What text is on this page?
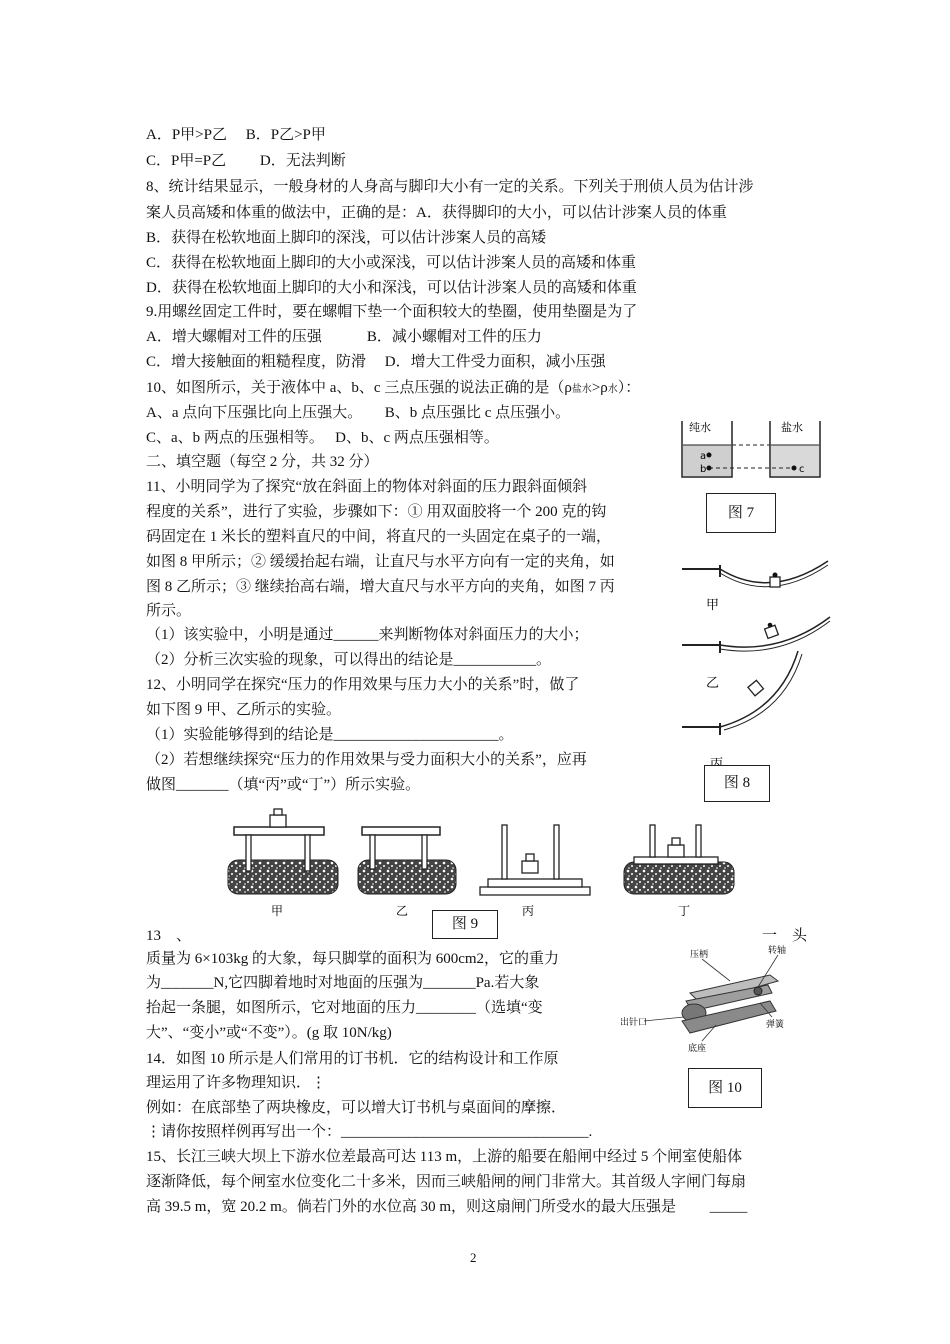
A．P甲>P乙　 B．P乙>P甲
C．P甲=P乙　　 D．无法判断
8、统计结果显示，一般身材的人身高与脚印大小有一定的关系。下列关于刑侦人员为估计涉
案人员高矮和体重的做法中，正确的是：A．获得脚印的大小，可以估计涉案人员的体重
B．获得在松软地面上脚印的深浅，可以估计涉案人员的高矮
C．获得在松软地面上脚印的大小或深浅，可以估计涉案人员的高矮和体重
D．获得在松软地面上脚印的大小和深浅，可以估计涉案人员的高矮和体重
9.用螺丝固定工件时，要在螺帽下垫一个面积较大的垫圈，使用垫圈是为了
A．增大螺帽对工件的压强　　　B．减小螺帽对工件的压力
C．增大接触面的粗糙程度，防滑　 D．增大工件受力面积，减小压强
10、如图所示，关于液体中 a、b、c 三点压强的说法正确的是（ρ盐水>ρ水）：
A、a 点向下压强比向上压强大。　　B、b 点压强比 c 点压强小。
C、a、b 两点的压强相等。　 D、b、c 两点压强相等。
二、填空题（每空 2 分，共 32 分）
11、小明同学为了探究“放在斜面上的物体对斜面的压力跟斜面倾斜
程度的关系”，进行了实验，步骤如下：① 用双面胶将一个 200 克的钩
码固定在 1 米长的塑料直尺的中间，将直尺的一头固定在桌子的一端，
如图 8 甲所示；② 缓缓抬起右端，让直尺与水平方向有一定的夹角，如
图 8 乙所示；③ 继续抬高右端，增大直尺与水平方向的夹角，如图 7 丙
所示。
（1）该实验中，小明是通过______来判断物体对斜面压力的大小；
（2）分析三次实验的现象，可以得出的结论是___________。
12、小明同学在探究“压力的作用效果与压力大小的关系”时，做了
如下图 9 甲、乙所示的实验。
（1）实验能够得到的结论是______________________。
（2）若想继续探究“压力的作用效果与受力面积大小的关系”，应再
做图_______（填“丙”或“丁”）所示实验。
13　、	一　头
质量为 6×103kg 的大象，每只脚掌的面积为 600cm2，它的重力
为_______N,它四脚着地时对地面的压强为_______Pa.若大象
抬起一条腿，如图所示，它对地面的压力________（选填“变
大”、“变小”或“不变”）。(g 取 10N/kg)
14．如图 10 所示是人们常用的订书机．它的结构设计和工作原
理运用了许多物理知识．⋮
例如：在底部垫了两块橡皮，可以增大订书机与桌面间的摩擦．
⋮请你按照样例再写出一个：_________________________________.
15、长江三峡大坝上下游水位差最高可达 113 m，上游的船要在船闸中经过 5 个闸室使船体
逐渐降低，每个闸室水位变化二十多米，因而三峡船闸的闸门非常大。其首级人字闸门每扇
高 39.5 m，宽 20.2 m。倘若门外的水位高 30 m，则这扇闸门所受水的最大压强是　　 _____
2
纯水	盐水
a
b	c
图 7
甲
乙
图 8
甲	乙	丙	丁
图 9
压柄	转轴
出针口	弹簧
底座
图 10
